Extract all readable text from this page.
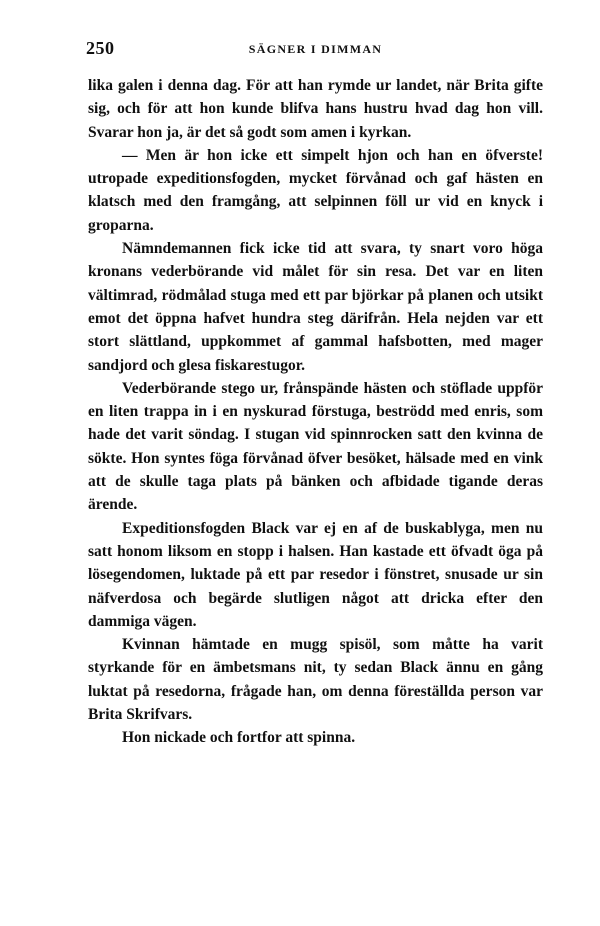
250	SÄGNER I DIMMAN

lika galen i denna dag. För att han rymde ur landet, när Brita gifte sig, och för att hon kunde blifva hans hustru hvad dag hon vill. Svarar hon ja, är det så godt som amen i kyrkan.

— Men är hon icke ett simpelt hjon och han en öfverste! utropade expeditionsfogden, mycket förvånad och gaf hästen en klatsch med den framgång, att selpinnen föll ur vid en knyck i groparna.

Nämndemannen fick icke tid att svara, ty snart voro höga kronans vederbörande vid målet för sin resa. Det var en liten vältimrad, rödmålad stuga med ett par björkar på planen och utsikt emot det öppna hafvet hundra steg därifrån. Hela nejden var ett stort slättland, uppkommet af gammal hafsbotten, med mager sandjord och glesa fiskarestugor.

Vederbörande stego ur, frånspände hästen och stöflade uppför en liten trappa in i en nyskurad förstuga, beströdd med enris, som hade det varit söndag. I stugan vid spinnrocken satt den kvinna de sökte. Hon syntes föga förvånad öfver besöket, hälsade med en vink att de skulle taga plats på bänken och afbidade tigande deras ärende.

Expeditionsfogden Black var ej en af de buskablyga, men nu satt honom liksom en stopp i halsen. Han kastade ett öfvadt öga på lösegendomen, luktade på ett par resedor i fönstret, snusade ur sin näfverdosa och begärde slutligen något att dricka efter den dammiga vägen.

Kvinnan hämtade en mugg spisöl, som måtte ha varit styrkande för en ämbetsmans nit, ty sedan Black ännu en gång luktat på resedorna, frågade han, om denna föreställda person var Brita Skrifvars.

Hon nickade och fortfor att spinna.
